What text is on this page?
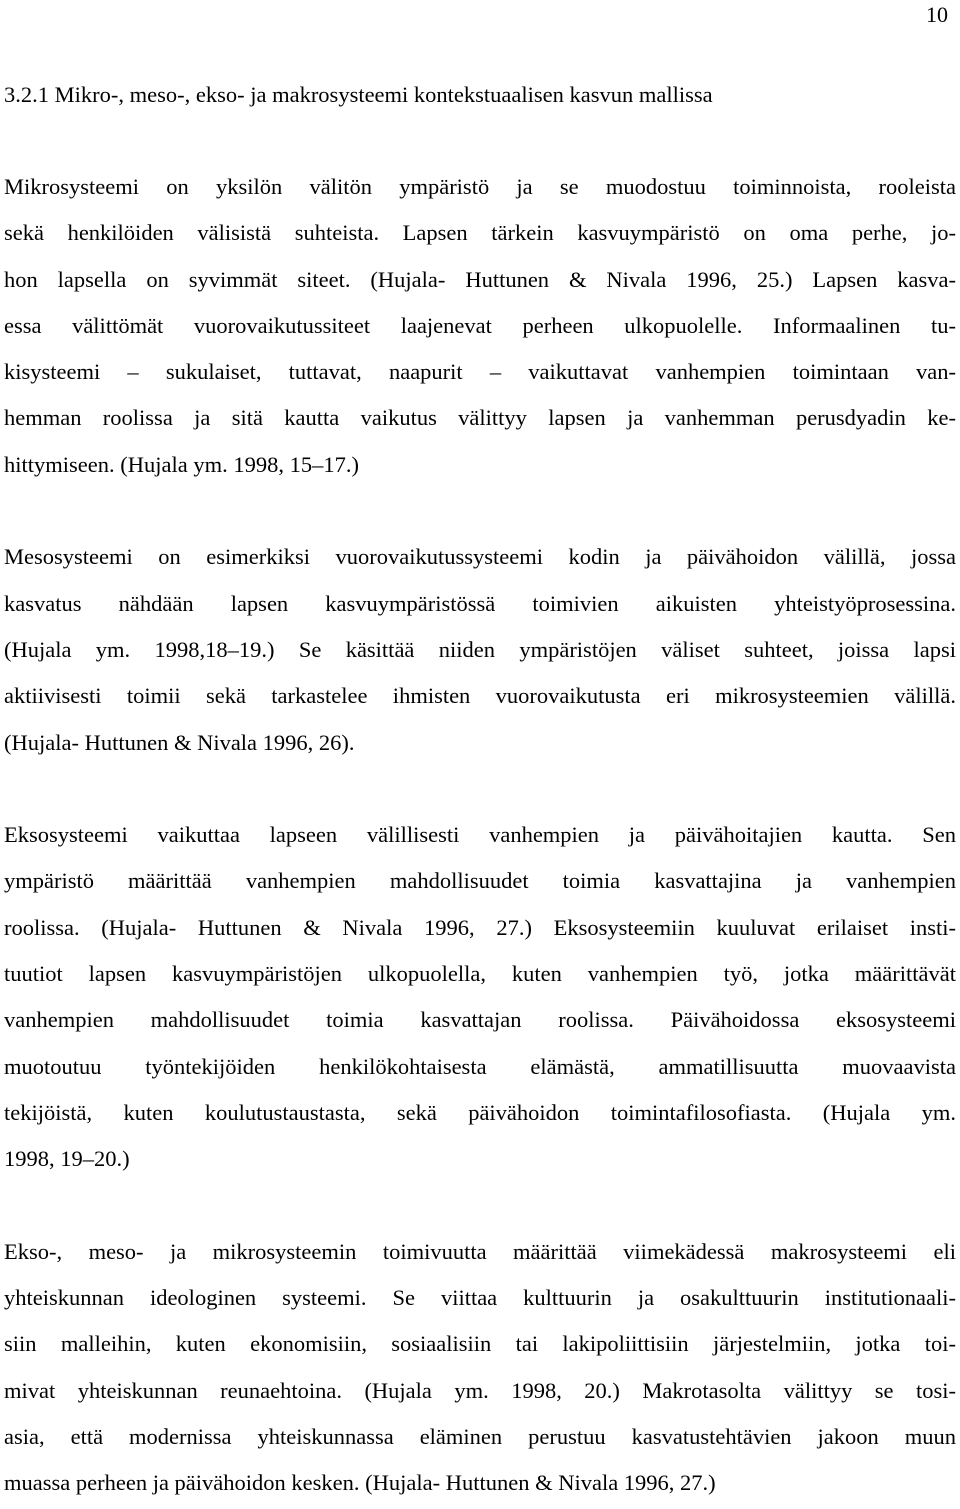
10
3.2.1 Mikro-, meso-, ekso- ja makrosysteemi kontekstuaalisen kasvun mallissa

Mikrosysteemi on yksilön välitön ympäristö ja se muodostuu toiminnoista, rooleista
sekä henkilöiden välisistä suhteista. Lapsen tärkein kasvuympäristö on oma perhe, jo-
hon lapsella on syvimmät siteet. (Hujala- Huttunen & Nivala 1996, 25.) Lapsen kasva-
essa välittömät vuorovaikutussiteet laajenevat perheen ulkopuolelle. Informaalinen tu-
kisysteemi – sukulaiset, tuttavat, naapurit – vaikuttavat vanhempien toimintaan van-
hemman roolissa ja sitä kautta vaikutus välittyy lapsen ja vanhemman perusdyadin ke-
hittymiseen. (Hujala ym. 1998, 15–17.)

Mesosysteemi on esimerkiksi vuorovaikutussysteemi kodin ja päivähoidon välillä, jossa
kasvatus nähdään lapsen kasvuympäristössä toimivien aikuisten yhteistyöprosessina.
(Hujala ym. 1998,18–19.) Se käsittää niiden ympäristöjen väliset suhteet, joissa lapsi
aktiivisesti toimii sekä tarkastelee ihmisten vuorovaikutusta eri mikrosysteemien välillä.
(Hujala- Huttunen & Nivala 1996, 26).

Eksosysteemi vaikuttaa lapseen välillisesti vanhempien ja päivähoitajien kautta. Sen
ympäristö määrittää vanhempien mahdollisuudet toimia kasvattajina ja vanhempien
roolissa. (Hujala- Huttunen & Nivala 1996, 27.) Eksosysteemiin kuuluvat erilaiset insti-
tuutiot lapsen kasvuympäristöjen ulkopuolella, kuten vanhempien työ, jotka määrittävät
vanhempien mahdollisuudet toimia kasvattajan roolissa. Päivähoidossa eksosysteemi
muotoutuu työntekijöiden henkilökohtaisesta elämästä, ammatillisuutta muovaavista
tekijöistä, kuten koulutustaustasta, sekä päivähoidon toimintafilosofiasta. (Hujala ym.
1998, 19–20.)

Ekso-, meso- ja mikrosysteemin toimivuutta määrittää viimekädessä makrosysteemi eli
yhteiskunnan ideologinen systeemi. Se viittaa kulttuurin ja osakulttuurin institutionaali-
siin malleihin, kuten ekonomisiin, sosiaalisiin tai lakipoliittisiin järjestelmiin, jotka toi-
mivat yhteiskunnan reunaehtoina. (Hujala ym. 1998, 20.) Makrotasolta välittyy se tosi-
asia, että modernissa yhteiskunnassa eläminen perustuu kasvatustehtävien jakoon muun
muassa perheen ja päivähoidon kesken. (Hujala- Huttunen & Nivala 1996, 27.)
